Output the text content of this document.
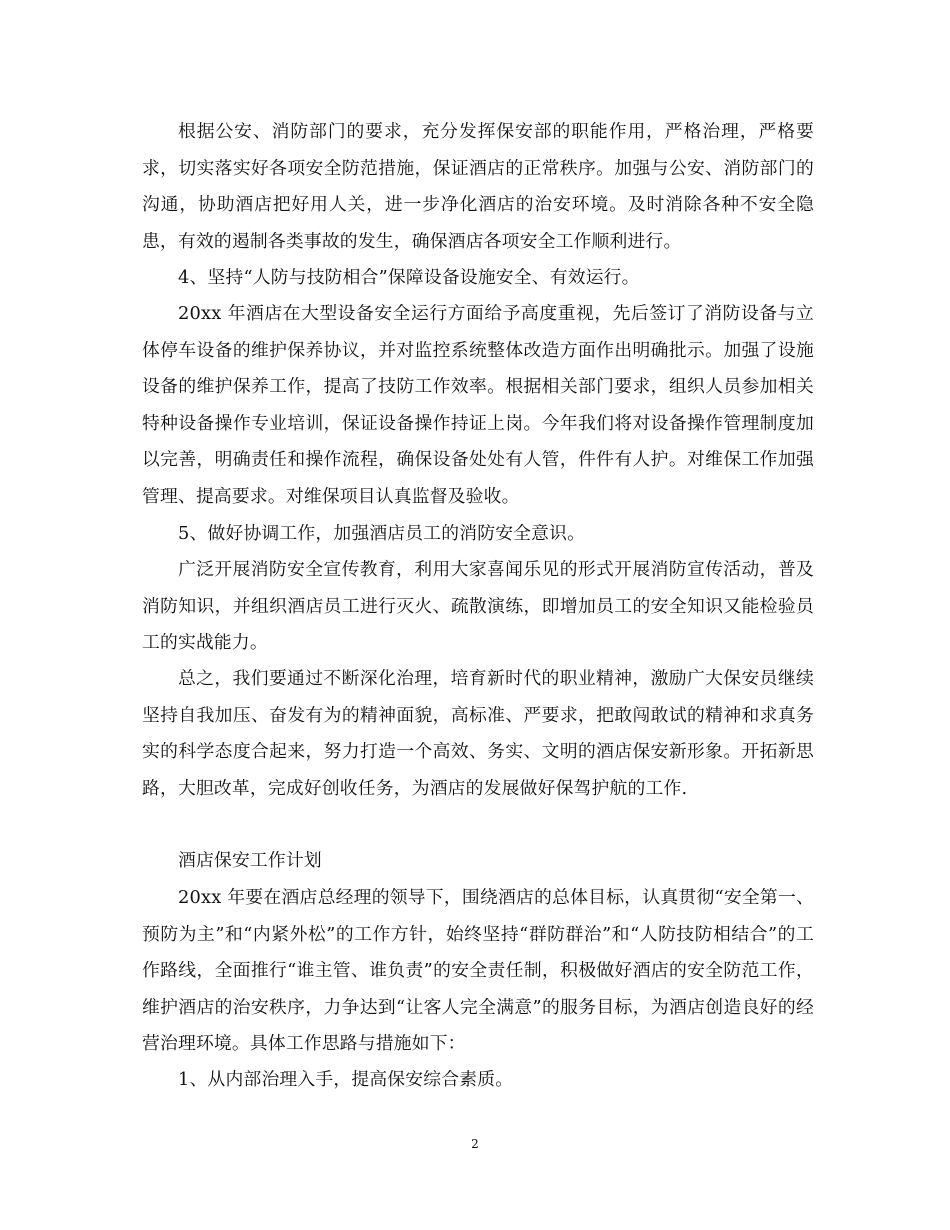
根据公安、消防部门的要求，充分发挥保安部的职能作用，严格治理，严格要求，切实落实好各项安全防范措施，保证酒店的正常秩序。加强与公安、消防部门的沟通，协助酒店把好用人关，进一步净化酒店的治安环境。及时消除各种不安全隐患，有效的遏制各类事故的发生，确保酒店各项安全工作顺利进行。

4、坚持“人防与技防相合”保障设备设施安全、有效运行。

20xx 年酒店在大型设备安全运行方面给予高度重视，先后签订了消防设备与立体停车设备的维护保养协议，并对监控系统整体改造方面作出明确批示。加强了设施设备的维护保养工作，提高了技防工作效率。根据相关部门要求，组织人员参加相关特种设备操作专业培训，保证设备操作持证上岗。今年我们将对设备操作管理制度加以完善，明确责任和操作流程，确保设备处处有人管，件件有人护。对维保工作加强管理、提高要求。对维保项目认真监督及验收。

5、做好协调工作，加强酒店员工的消防安全意识。

广泛开展消防安全宣传教育，利用大家喜闻乐见的形式开展消防宣传活动，普及消防知识，并组织酒店员工进行灭火、疏散演练，即增加员工的安全知识又能检验员工的实战能力。

总之，我们要通过不断深化治理，培育新时代的职业精神，激励广大保安员继续坚持自我加压、奋发有为的精神面貌，高标准、严要求，把敢闯敢试的精神和求真务实的科学态度合起来，努力打造一个高效、务实、文明的酒店保安新形象。开拓新思路，大胆改革，完成好创收任务，为酒店的发展做好保驾护航的工作.

酒店保安工作计划

20xx 年要在酒店总经理的领导下，围绕酒店的总体目标，认真贯彻“安全第一、预防为主”和“内紧外松”的工作方针，始终坚持“群防群治”和“人防技防相结合”的工作路线，全面推行“谁主管、谁负责”的安全责任制，积极做好酒店的安全防范工作，维护酒店的治安秩序，力争达到“让客人完全满意”的服务目标，为酒店创造良好的经营治理环境。具体工作思路与措施如下：

1、从内部治理入手，提高保安综合素质。

2
